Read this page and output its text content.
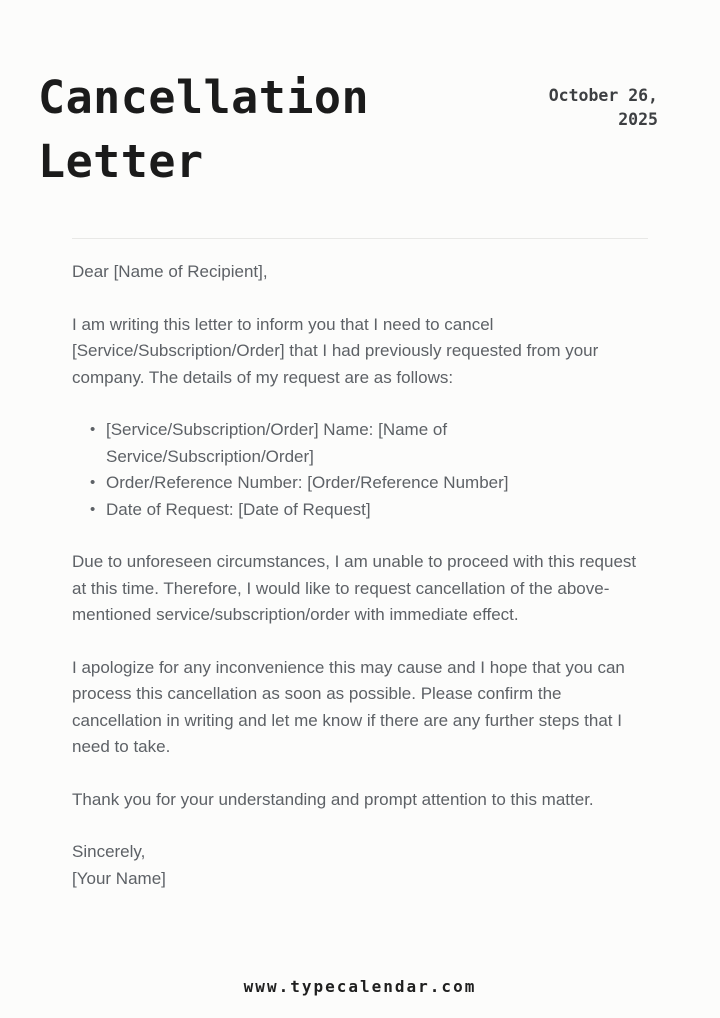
Cancellation Letter
October 26, 2025
Dear [Name of Recipient],

I am writing this letter to inform you that I need to cancel [Service/Subscription/Order] that I had previously requested from your company. The details of my request are as follows:

• [Service/Subscription/Order] Name: [Name of Service/Subscription/Order]
• Order/Reference Number: [Order/Reference Number]
• Date of Request: [Date of Request]

Due to unforeseen circumstances, I am unable to proceed with this request at this time. Therefore, I would like to request cancellation of the above-mentioned service/subscription/order with immediate effect.

I apologize for any inconvenience this may cause and I hope that you can process this cancellation as soon as possible. Please confirm the cancellation in writing and let me know if there are any further steps that I need to take.

Thank you for your understanding and prompt attention to this matter.

Sincerely,
[Your Name]
www.typecalendar.com
